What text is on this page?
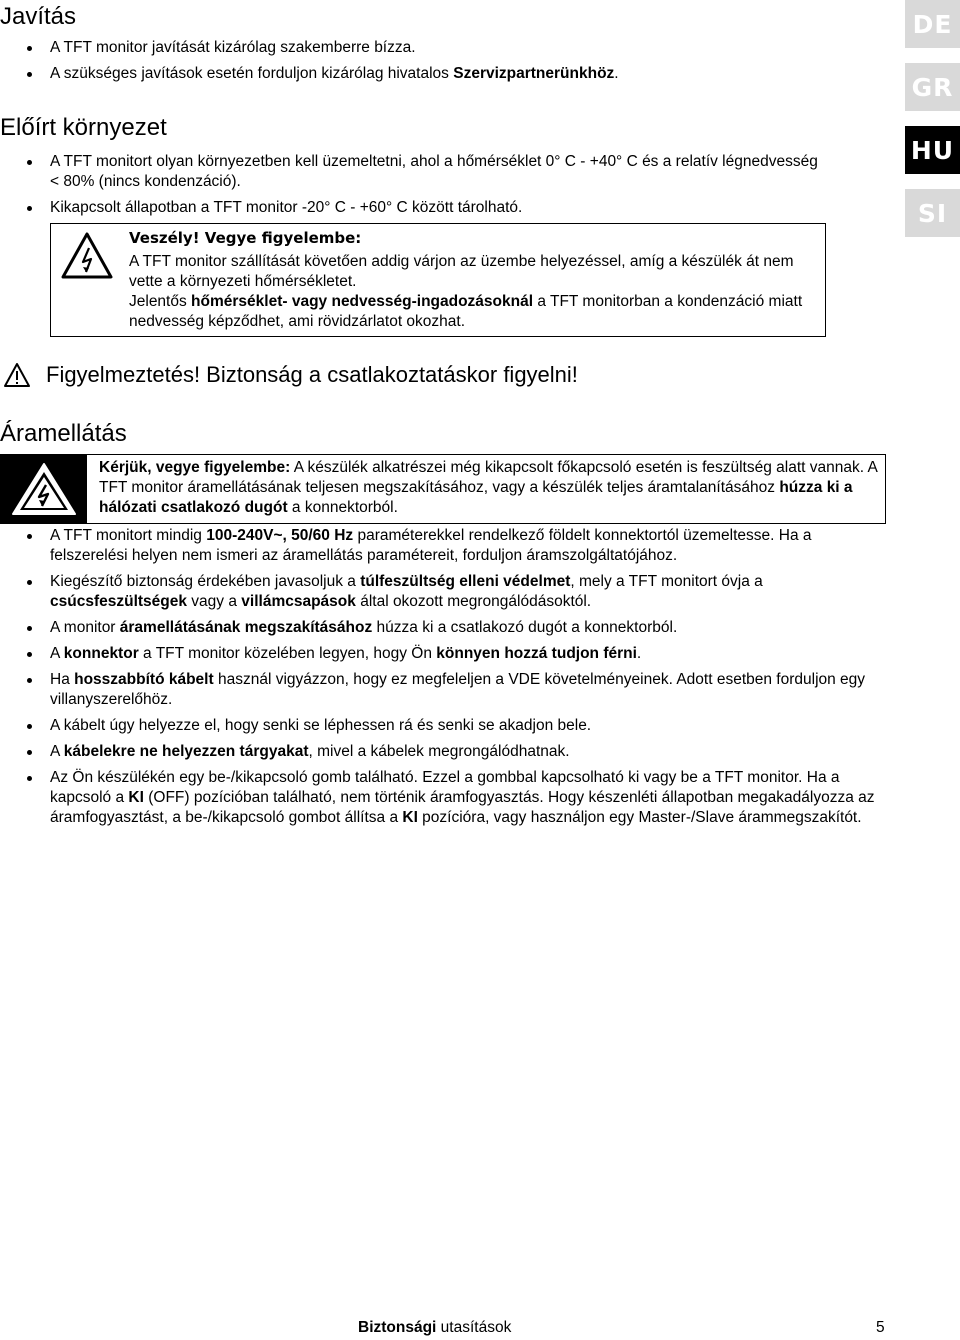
DE
GR
HU
SI
Javítás
A TFT monitor javítását kizárólag szakemberre bízza.
A szükséges javítások esetén forduljon kizárólag hivatalos Szervizpartnerünkhöz.
Előírt környezet
A TFT monitort olyan környezetben kell üzemeltetni, ahol a hőmérséklet 0° C - +40° C és a relatív légnedvesség < 80% (nincs kondenzáció).
Kikapcsolt állapotban a TFT monitor -20° C - +60° C között tárolható.
Veszély! Vegye figyelembe:
A TFT monitor szállítását követően addig várjon az üzembe helyezéssel, amíg a készülék át nem vette a környezeti hőmérsékletet.
Jelentős hőmérséklet- vagy nedvesség-ingadozásoknál a TFT monitorban a kondenzáció miatt nedvesség képződhet, ami rövidzárlatot okozhat.
Figyelmeztetés! Biztonság a csatlakoztatáskor figyelni!
Áramellátás
Kérjük, vegye figyelembe: A készülék alkatrészei még kikapcsolt főkapcsoló esetén is feszültség alatt vannak. A TFT monitor áramellátásának teljesen megszakításához, vagy a készülék teljes áramtalanításához húzza ki a hálózati csatlakozó dugót a konnektorból.
A TFT monitort mindig 100-240V~, 50/60 Hz paraméterekkel rendelkező földelt konnektortól üzemeltesse. Ha a felszerelési helyen nem ismeri az áramellátás paramétereit, forduljon áramszolgáltatójához.
Kiegészítő biztonság érdekében javasoljuk a túlfeszültség elleni védelmet, mely a TFT monitort óvja a csúcsfeszültségek vagy a villámcsapások által okozott megrongálódásoktól.
A monitor áramellátásának megszakításához húzza ki a csatlakozó dugót a konnektorból.
A konnektor a TFT monitor közelében legyen, hogy Ön könnyen hozzá tudjon férni.
Ha hosszabbító kábelt használ vigyázzon, hogy ez megfeleljen a VDE követelményeinek. Adott esetben forduljon egy villanyszerelőhöz.
A kábelt úgy helyezze el, hogy senki se léphessen rá és senki se akadjon bele.
A kábelekre ne helyezzen tárgyakat, mivel a kábelek megrongálódhatnak.
Az Ön készülékén egy be-/kikapcsoló gomb található. Ezzel a gombbal kapcsolható ki vagy be a TFT monitor. Ha a kapcsoló a KI (OFF) pozícióban található, nem történik áramfogyasztás. Hogy készenléti állapotban megakadályozza az áramfogyasztást, a be-/kikapcsoló gombot állítsa a KI pozícióra, vagy használjon egy Master-/Slave árammegszakítót.
Biztonsági utasítások	5
